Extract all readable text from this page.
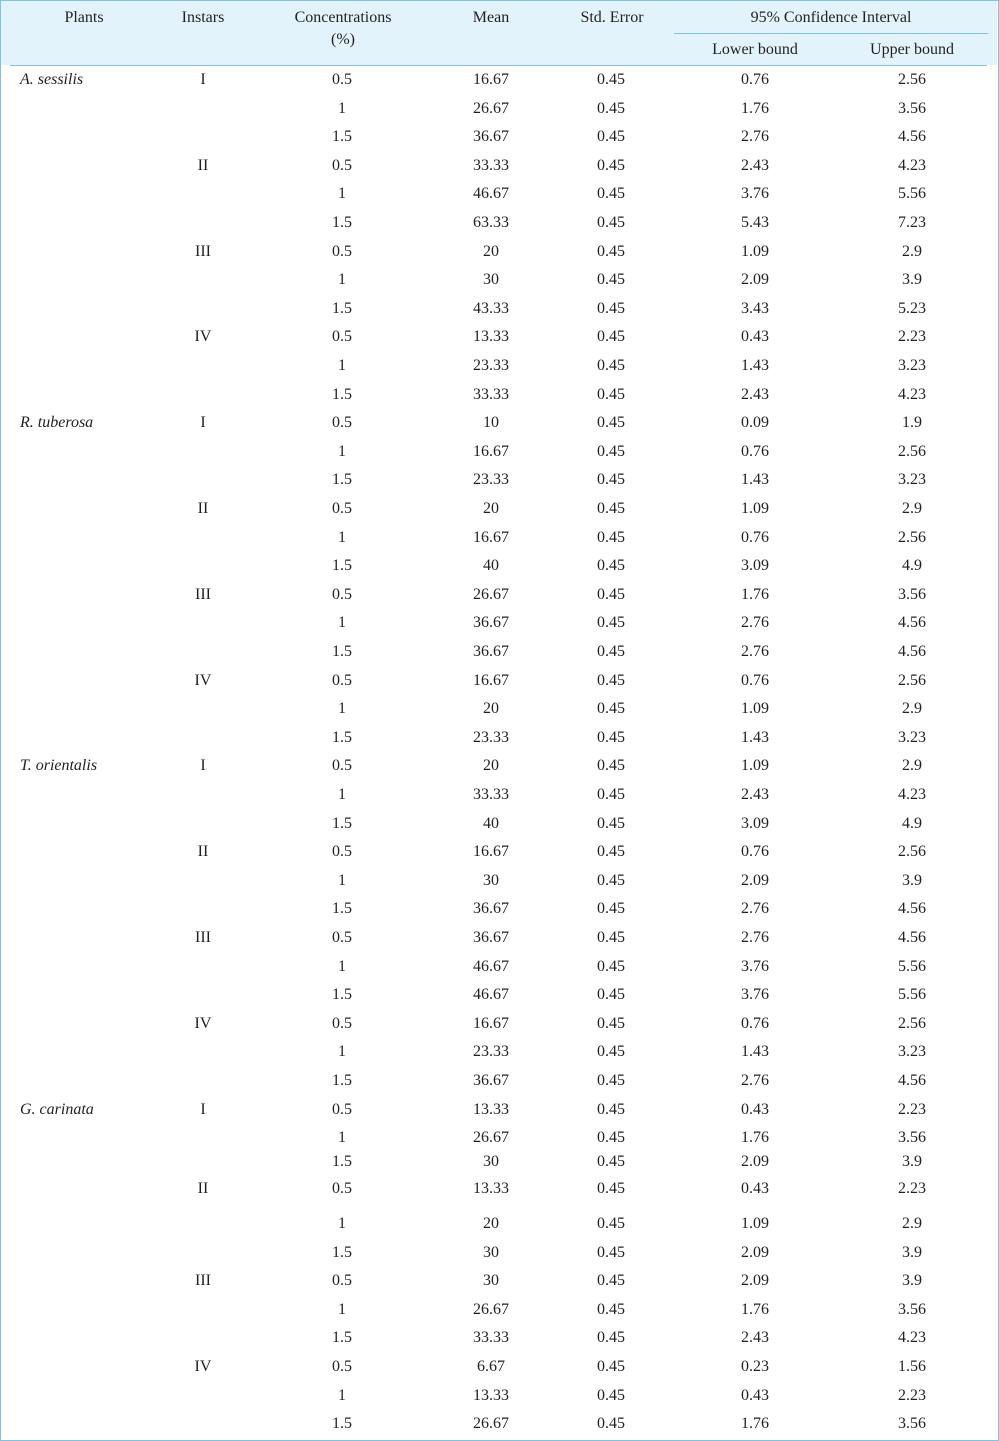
Plants	Instars	Concentrations
(%)
Mean	Std. Error	95% Confidence Interval
Lower bound	Upper bound
A. sessilis	I	0.5	16.67	0.45	0.76	2.56
1	26.67	0.45	1.76	3.56
1.5	36.67	0.45	2.76	4.56
II	0.5	33.33	0.45	2.43	4.23
1	46.67	0.45	3.76	5.56
1.5	63.33	0.45	5.43	7.23
III	0.5	20	0.45	1.09	2.9
1	30	0.45	2.09	3.9
1.5	43.33	0.45	3.43	5.23
IV	0.5	13.33	0.45	0.43	2.23
1	23.33	0.45	1.43	3.23
1.5	33.33	0.45	2.43	4.23
R. tuberosa	I	0.5	10	0.45	0.09	1.9
1	16.67	0.45	0.76	2.56
1.5	23.33	0.45	1.43	3.23
II	0.5	20	0.45	1.09	2.9
1	16.67	0.45	0.76	2.56
1.5	40	0.45	3.09	4.9
III	0.5	26.67	0.45	1.76	3.56
1	36.67	0.45	2.76	4.56
1.5	36.67	0.45	2.76	4.56
IV	0.5	16.67	0.45	0.76	2.56
1	20	0.45	1.09	2.9
1.5	23.33	0.45	1.43	3.23
T. orientalis	I	0.5	20	0.45	1.09	2.9
1	33.33	0.45	2.43	4.23
1.5	40	0.45	3.09	4.9
II	0.5	16.67	0.45	0.76	2.56
1	30	0.45	2.09	3.9
1.5	36.67	0.45	2.76	4.56
III	0.5	36.67	0.45	2.76	4.56
1	46.67	0.45	3.76	5.56
1.5	46.67	0.45	3.76	5.56
IV	0.5	16.67	0.45	0.76	2.56
1	23.33	0.45	1.43	3.23
1.5	36.67	0.45	2.76	4.56
G. carinata	I	0.5	13.33	0.45	0.43	2.23
1	26.67	0.45	1.76	3.56
1.5	30	0.45	2.09	3.9
II	0.5	13.33	0.45	0.43	2.23
1	20	0.45	1.09	2.9
1.5	30	0.45	2.09	3.9
III	0.5	30	0.45	2.09	3.9
1	26.67	0.45	1.76	3.56
1.5	33.33	0.45	2.43	4.23
IV	0.5	6.67	0.45	0.23	1.56
1	13.33	0.45	0.43	2.23
1.5	26.67	0.45	1.76	3.56
